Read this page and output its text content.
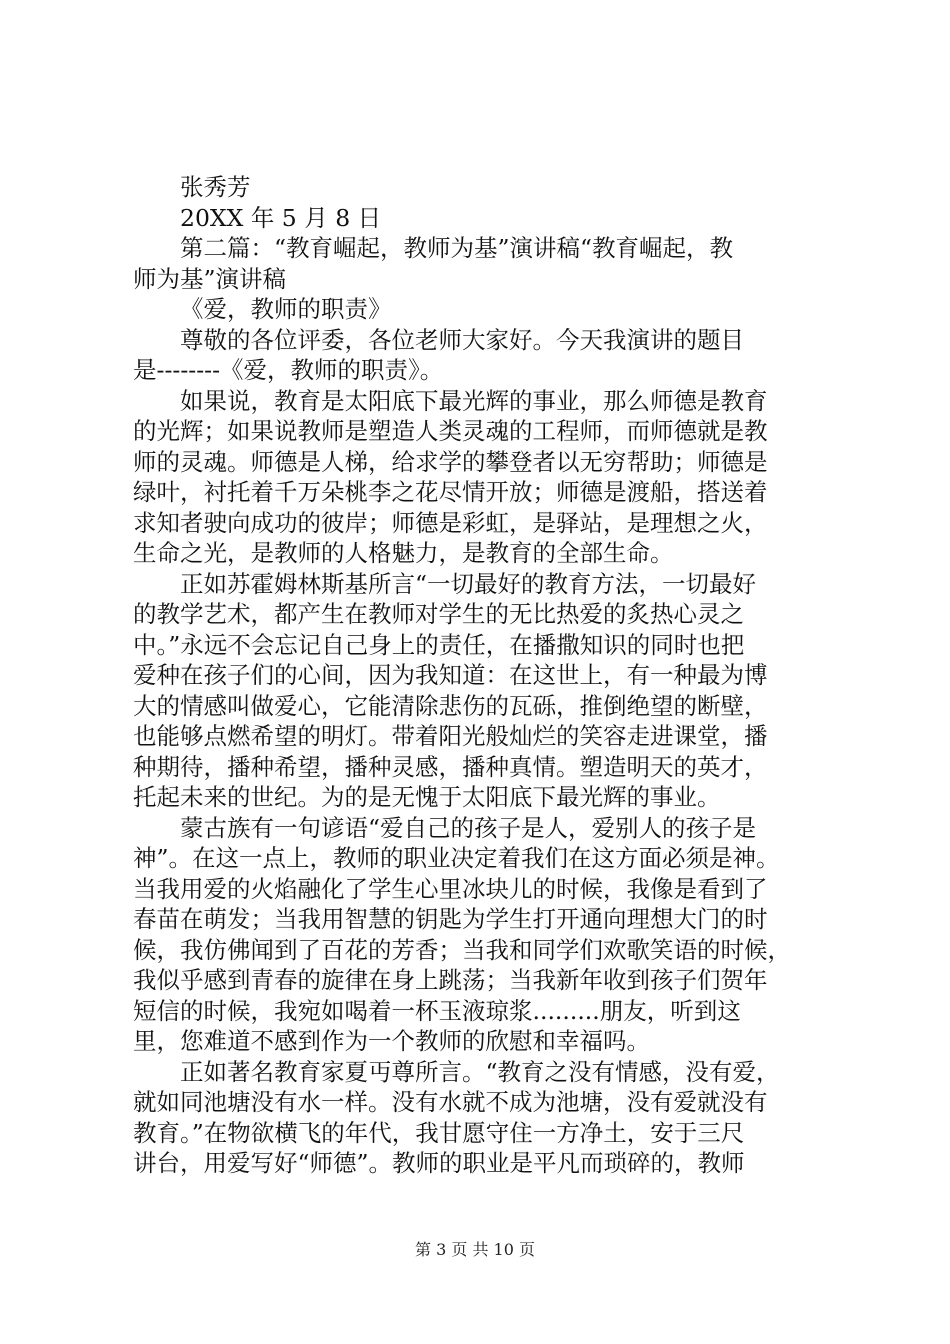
张秀芳
20XX 年 5 月 8 日
第二篇：“教育崛起，教师为基”演讲稿“教育崛起，教
师为基”演讲稿
《爱，教师的职责》
尊敬的各位评委，各位老师大家好。今天我演讲的题目
是--------《爱，教师的职责》。
如果说，教育是太阳底下最光辉的事业，那么师德是教育
的光辉；如果说教师是塑造人类灵魂的工程师，而师德就是教
师的灵魂。师德是人梯，给求学的攀登者以无穷帮助；师德是
绿叶，衬托着千万朵桃李之花尽情开放；师德是渡船，搭送着
求知者驶向成功的彼岸；师德是彩虹，是驿站，是理想之火，
生命之光，是教师的人格魅力，是教育的全部生命。
正如苏霍姆林斯基所言“一切最好的教育方法，一切最好
的教学艺术，都产生在教师对学生的无比热爱的炙热心灵之
中。”永远不会忘记自己身上的责任，在播撒知识的同时也把
爱种在孩子们的心间，因为我知道：在这世上，有一种最为博
大的情感叫做爱心，它能清除悲伤的瓦砾，推倒绝望的断壁，
也能够点燃希望的明灯。带着阳光般灿烂的笑容走进课堂，播
种期待，播种希望，播种灵感，播种真情。塑造明天的英才，
托起未来的世纪。为的是无愧于太阳底下最光辉的事业。
蒙古族有一句谚语“爱自己的孩子是人，爱别人的孩子是
神”。在这一点上，教师的职业决定着我们在这方面必须是神。
当我用爱的火焰融化了学生心里冰块儿的时候，我像是看到了
春苗在萌发；当我用智慧的钥匙为学生打开通向理想大门的时
候，我仿佛闻到了百花的芳香；当我和同学们欢歌笑语的时候，
我似乎感到青春的旋律在身上跳荡；当我新年收到孩子们贺年
短信的时候，我宛如喝着一杯玉液琼浆.........朋友，听到这
里，您难道不感到作为一个教师的欣慰和幸福吗。
正如著名教育家夏丏尊所言。“教育之没有情感，没有爱，
就如同池塘没有水一样。没有水就不成为池塘，没有爱就没有
教育。”在物欲横飞的年代，我甘愿守住一方净土，安于三尺
讲台，用爱写好“师德”。教师的职业是平凡而琐碎的，教师
第 3 页 共 10 页
